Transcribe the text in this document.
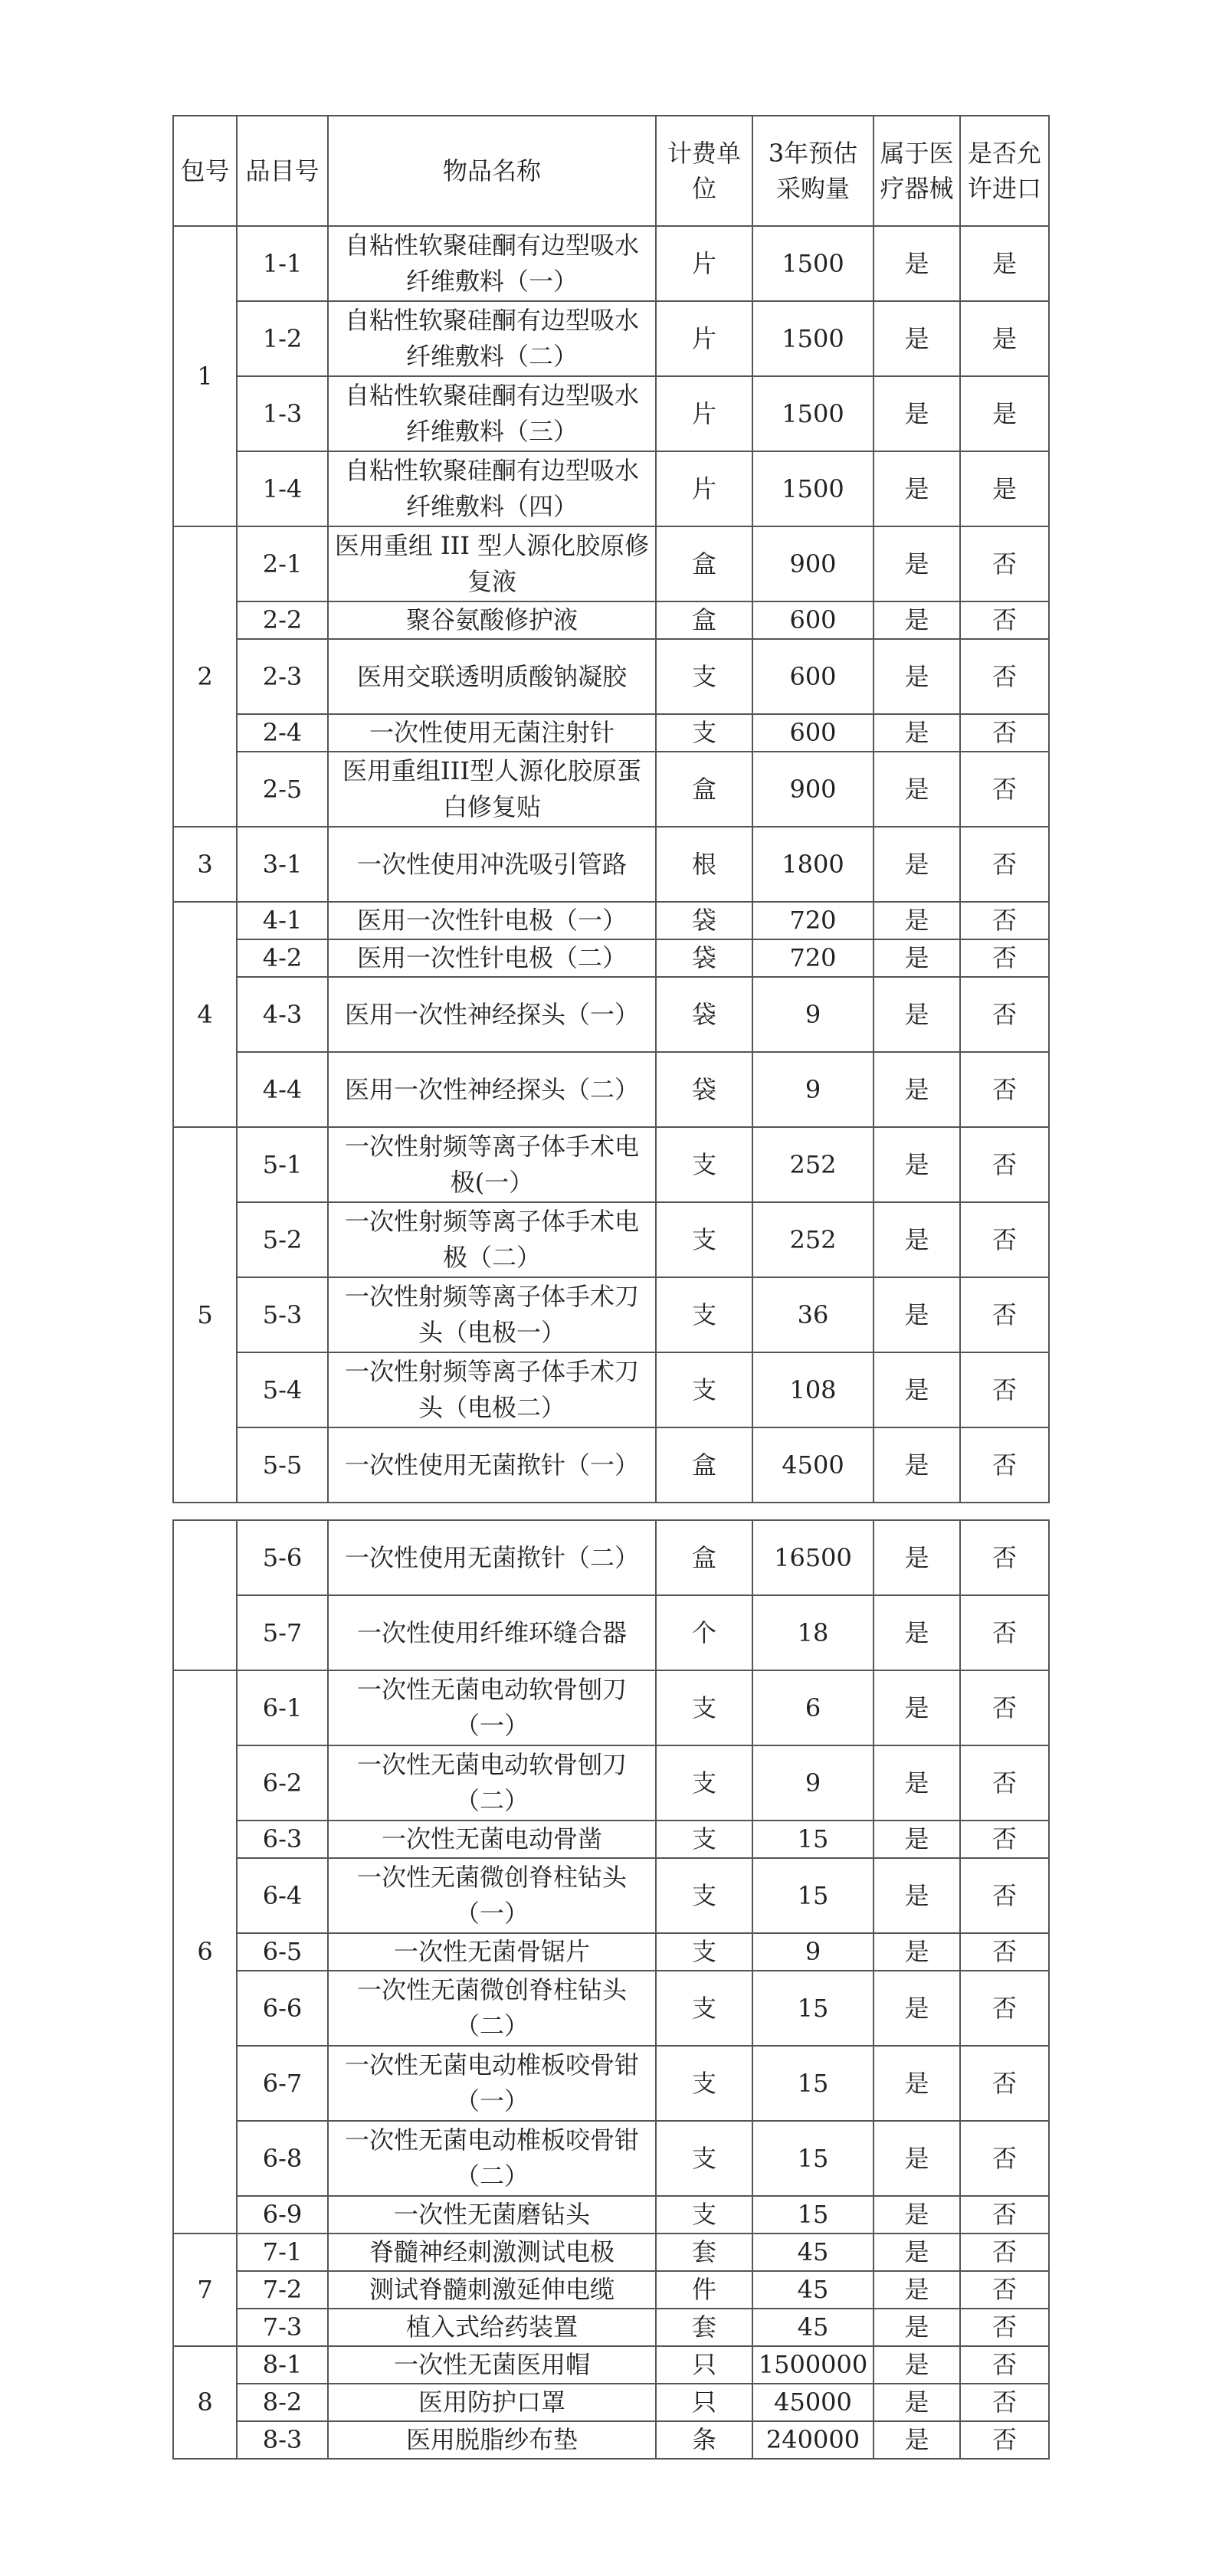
包号	品目号	物品名称	计费单位	3年预估采购量	属于医疗器械	是否允许进口
1	1-1	自粘性软聚硅酮有边型吸水纤维敷料（一）	片	1500	是	是
	1-2	自粘性软聚硅酮有边型吸水纤维敷料（二）	片	1500	是	是
	1-3	自粘性软聚硅酮有边型吸水纤维敷料（三）	片	1500	是	是
	1-4	自粘性软聚硅酮有边型吸水纤维敷料（四）	片	1500	是	是
2	2-1	医用重组 III 型人源化胶原修复液	盒	900	是	否
	2-2	聚谷氨酸修护液	盒	600	是	否
	2-3	医用交联透明质酸钠凝胶	支	600	是	否
	2-4	一次性使用无菌注射针	支	600	是	否
	2-5	医用重组III型人源化胶原蛋白修复贴	盒	900	是	否
3	3-1	一次性使用冲洗吸引管路	根	1800	是	否
4	4-1	医用一次性针电极（一）	袋	720	是	否
	4-2	医用一次性针电极（二）	袋	720	是	否
	4-3	医用一次性神经探头（一）	袋	9	是	否
	4-4	医用一次性神经探头（二）	袋	9	是	否
5	5-1	一次性射频等离子体手术电极(一）	支	252	是	否
	5-2	一次性射频等离子体手术电极（二）	支	252	是	否
	5-3	一次性射频等离子体手术刀头（电极一）	支	36	是	否
	5-4	一次性射频等离子体手术刀头（电极二）	支	108	是	否
	5-5	一次性使用无菌揿针（一）	盒	4500	是	否
	5-6	一次性使用无菌揿针（二）	盒	16500	是	否
	5-7	一次性使用纤维环缝合器	个	18	是	否
6	6-1	一次性无菌电动软骨刨刀（一）	支	6	是	否
	6-2	一次性无菌电动软骨刨刀（二）	支	9	是	否
	6-3	一次性无菌电动骨凿	支	15	是	否
	6-4	一次性无菌微创脊柱钻头（一）	支	15	是	否
	6-5	一次性无菌骨锯片	支	9	是	否
	6-6	一次性无菌微创脊柱钻头（二）	支	15	是	否
	6-7	一次性无菌电动椎板咬骨钳（一）	支	15	是	否
	6-8	一次性无菌电动椎板咬骨钳（二）	支	15	是	否
	6-9	一次性无菌磨钻头	支	15	是	否
7	7-1	脊髓神经刺激测试电极	套	45	是	否
	7-2	测试脊髓刺激延伸电缆	件	45	是	否
	7-3	植入式给药装置	套	45	是	否
8	8-1	一次性无菌医用帽	只	1500000	是	否
	8-2	医用防护口罩	只	45000	是	否
	8-3	医用脱脂纱布垫	条	240000	是	否
